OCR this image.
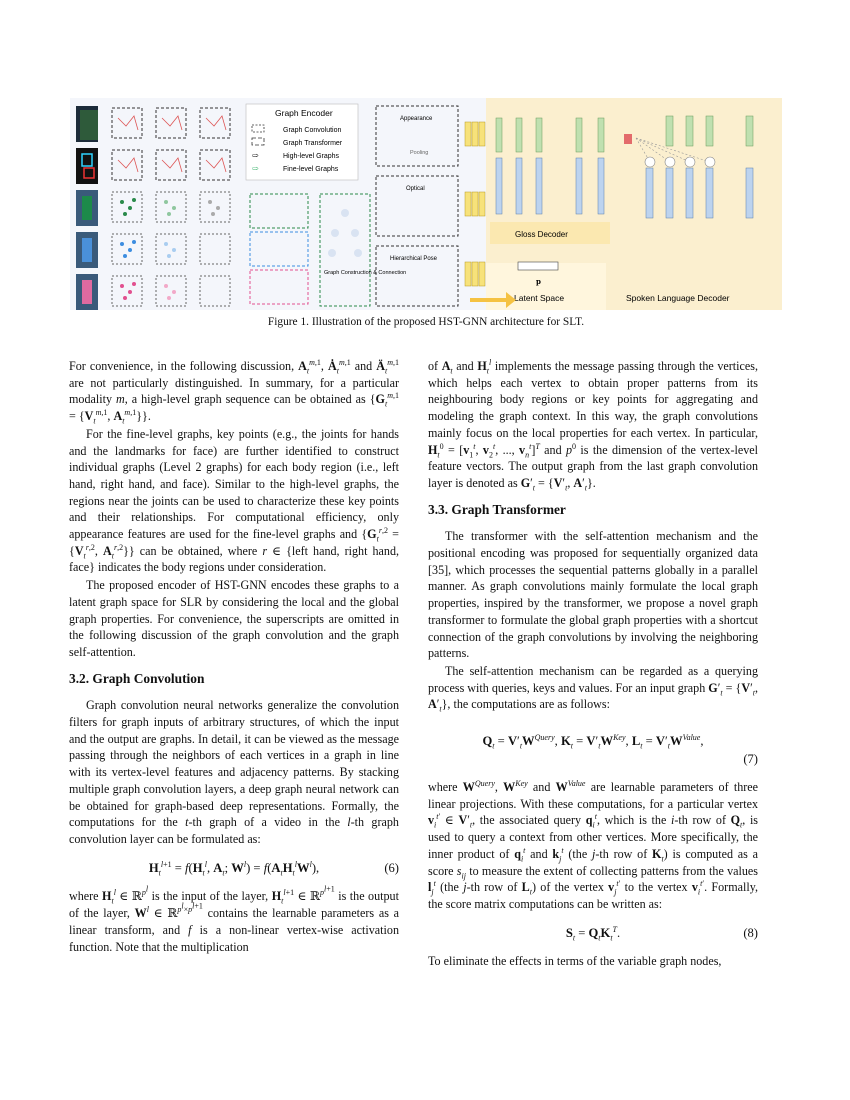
Graph Encoder
Graph Convolution
Graph Transformer
⇨	High-level Graphs
⇨	Fine-level Graphs
Graph Construction & Connection
Appearance
Optical
Hierarchical Pose
Pooling
Gloss Decoder
p
Latent Space	Spoken Language Decoder
Figure 1. Illustration of the proposed HST-GNN architecture for SLT.

For convenience, in the following discussion, $A_t^{m,1}$, $Ȧ_t^{m,1}$ and $Ä_t^{m,1}$ are not particularly distinguished. In summary, for a particular modality m, a high-level graph sequence can be obtained as {$G_t^{m,1} = \{V_t^{m,1}$, $A_t^{m,1}$}}.

For the fine-level graphs, key points (e.g., the joints for hands and the landmarks for face) are further identified to construct individual graphs (Level 2 graphs) for each body region (i.e., left hand, right hand, and face). Similar to the high-level graphs, the regions near the joints can be used to characterize these key points and their relationships. For computational efficiency, only appearance features are used for the fine-level graphs and {$G_t^{r,2} = \{V_t^{r,2}$, $A_t^{r,2}$}} can be obtained, where r ∈ {left hand, right hand, face} indicates the body regions under consideration.

The proposed encoder of HST-GNN encodes these graphs to a latent graph space for SLR by considering the local and the global graph properties. For convenience, the superscripts are omitted in the following discussion of the graph convolution and the graph self-attention.

3.2. Graph Convolution

Graph convolution neural networks generalize the convolution filters for graph inputs of arbitrary structures, of which the input and the output are graphs. In detail, it can be viewed as the message passing through the neighbors of each vertices in a graph in line with its vertex-level features and adjacency patterns. By stacking multiple graph convolution layers, a deep graph neural network can be obtained for graph-based deep representations. Formally, the computations for the t-th graph of a video in the l-th graph convolution layer can be formulated as:

$H_t^{l+1} = f(H_t^l$, $A_t$; $W^l) = f(A_tH_t^lW^l)$,	(6)

where $H_t^l$ ∈ ℝ$^{p^l}$ is the input of the layer, $H_t^{l+1}$ ∈ ℝ$^{p^{l+1}}$ is the output of the layer, $W^l$ ∈ ℝ$^{p^l\times p^{l+1}}$ contains the learnable parameters as a linear transform, and f is a non-linear vertex-wise activation function. Note that the multiplication

of $A_t$ and $H_t^l$ implements the message passing through the vertices, which helps each vertex to obtain proper patterns from its neighbouring body regions or key points for aggregating and modeling the graph context. In this way, the graph convolutions mainly focus on the local properties for each vertex. In particular, $H_t^0 = [v_1^t$, $v_2^t$, ..., $v_n^t]^T$ and $p^0$ is the dimension of the vertex-level feature vectors. The output graph from the last graph convolution layer is denoted as $G'_t = \{V'_t$, $A'_t$}.

3.3. Graph Transformer

The transformer with the self-attention mechanism and the positional encoding was proposed for sequentially organized data [35], which processes the sequential patterns globally in a parallel manner. As graph convolutions mainly formulate the local graph properties, inspired by the transformer, we propose a novel graph transformer to formulate the global graph properties with a shortcut connection of the graph convolutions by involving the neighboring patterns.

The self-attention mechanism can be regarded as a querying process with queries, keys and values. For an input graph $G'_t = \{V'_t$, $A'_t$}, the computations are as follows:

$Q_t = V'_tW^{Query}$, $K_t = V'_tW^{Key}$, $L_t = V'_tW^{Value}$,
(7)

where $W^{Query}$, $W^{Key}$ and $W^{Value}$ are learnable parameters of three linear projections. With these computations, for a particular vertex $v_i^{t'}$ ∈ $V'_t$, the associated query $q_i^t$, which is the i-th row of $Q_t$, is used to query a context from other vertices. More specifically, the inner product of $q_i^t$ and $k_j^t$ (the j-th row of $K_t$) is computed as a score $s_{ij}$ to measure the extent of collecting patterns from the values $l_j^t$ (the j-th row of $L_t$) of the vertex $v_j^{t'}$ to the vertex $v_i^{t'}$. Formally, the score matrix computations can be written as:

$S_t = Q_tK_t^T$.	(8)

To eliminate the effects in terms of the variable graph nodes,
